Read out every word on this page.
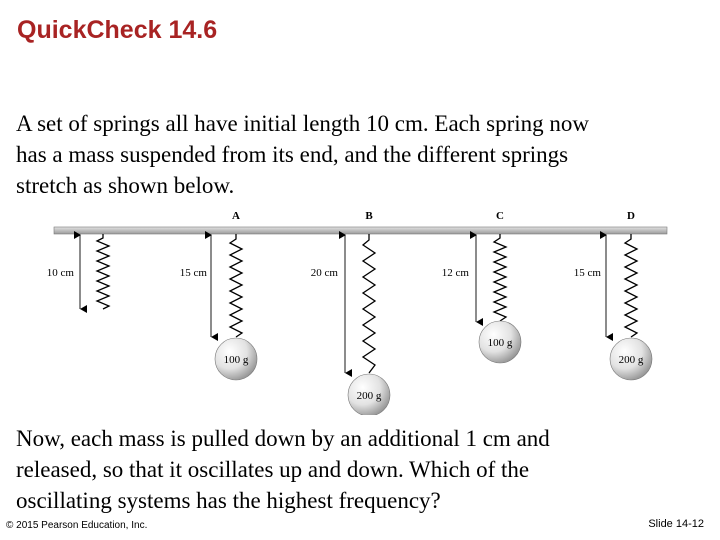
QuickCheck 14.6

A set of springs all have initial length 10 cm. Each spring now
has a mass suspended from its end, and the different springs
stretch as shown below.

A	B	C	D
10 cm	15 cm
100 g
20 cm
200 g
12 cm
100 g
15 cm
200 g

Now, each mass is pulled down by an additional 1 cm and
released, so that it oscillates up and down. Which of the
oscillating systems has the highest frequency?

© 2015 Pearson Education, Inc.	Slide 14-12
